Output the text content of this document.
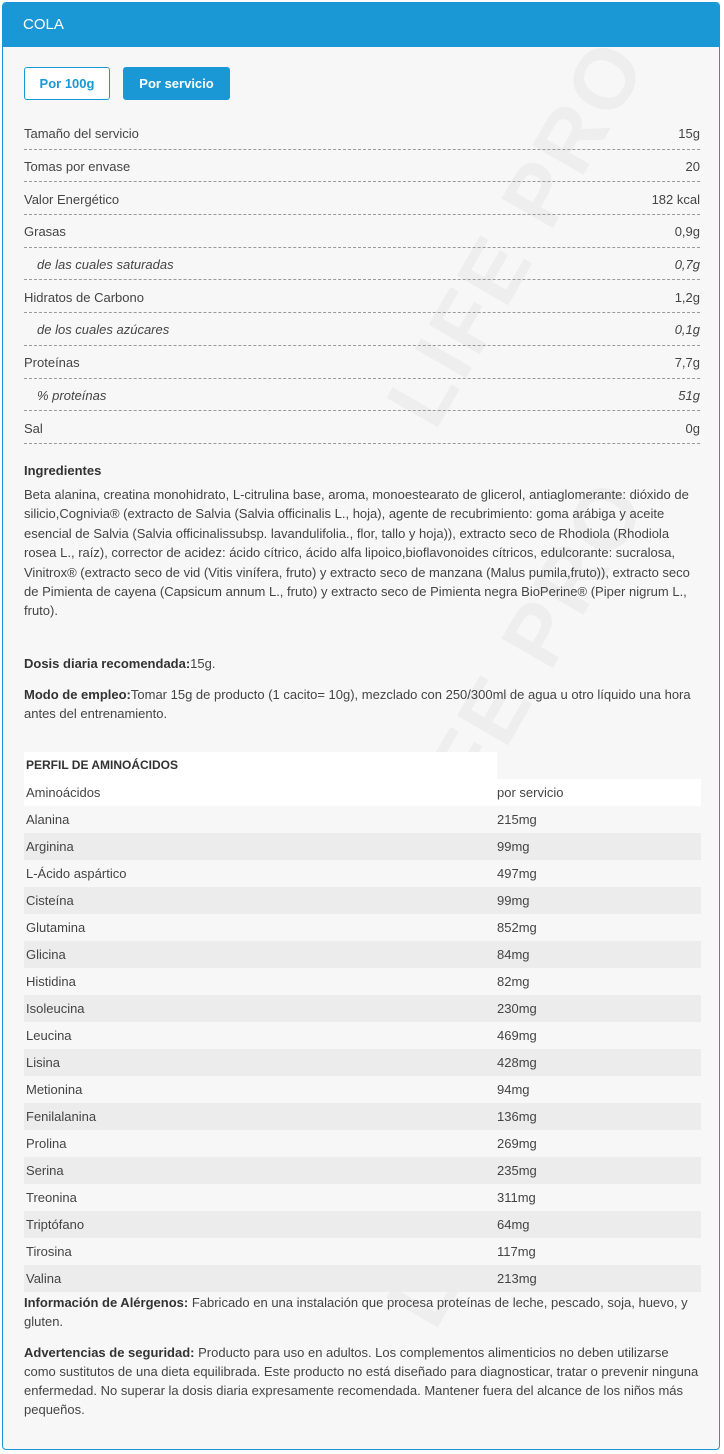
COLA
Por 100g	Por servicio
Tamaño del servicio	15g
Tomas por envase	20
Valor Energético	182 kcal
Grasas	0,9g
de las cuales saturadas	0,7g
Hidratos de Carbono	1,2g
de los cuales azúcares	0,1g
Proteínas	7,7g
% proteínas	51g
Sal	0g
Ingredientes
Beta alanina, creatina monohidrato, L-citrulina base, aroma, monoestearato de glicerol, antiaglomerante: dióxido de silicio,Cognivia® (extracto de Salvia (Salvia officinalis L., hoja), agente de recubrimiento: goma arábiga y aceite esencial de Salvia (Salvia officinalissubsp. lavandulifolia., flor, tallo y hoja)), extracto seco de Rhodiola (Rhodiola rosea L., raíz), corrector de acidez: ácido cítrico, ácido alfa lipoico,bioflavonoides cítricos, edulcorante: sucralosa, Vinitrox® (extracto seco de vid (Vitis vinífera, fruto) y extracto seco de manzana (Malus pumila,fruto)), extracto seco de Pimienta de cayena (Capsicum annum L., fruto) y extracto seco de Pimienta negra BioPerine® (Piper nigrum L., fruto).
Dosis diaria recomendada:15g.
Modo de empleo:Tomar 15g de producto (1 cacito= 10g), mezclado con 250/300ml de agua u otro líquido una hora antes del entrenamiento.
PERFIL DE AMINOÁCIDOS
Aminoácidos	por servicio
Alanina	215mg
Arginina	99mg
L-Ácido aspártico	497mg
Cisteína	99mg
Glutamina	852mg
Glicina	84mg
Histidina	82mg
Isoleucina	230mg
Leucina	469mg
Lisina	428mg
Metionina	94mg
Fenilalanina	136mg
Prolina	269mg
Serina	235mg
Treonina	311mg
Triptófano	64mg
Tirosina	117mg
Valina	213mg
Información de Alérgenos: Fabricado en una instalación que procesa proteínas de leche, pescado, soja, huevo, y gluten.
Advertencias de seguridad: Producto para uso en adultos. Los complementos alimenticios no deben utilizarse como sustitutos de una dieta equilibrada. Este producto no está diseñado para diagnosticar, tratar o prevenir ninguna enfermedad. No superar la dosis diaria expresamente recomendada. Mantener fuera del alcance de los niños más pequeños.
